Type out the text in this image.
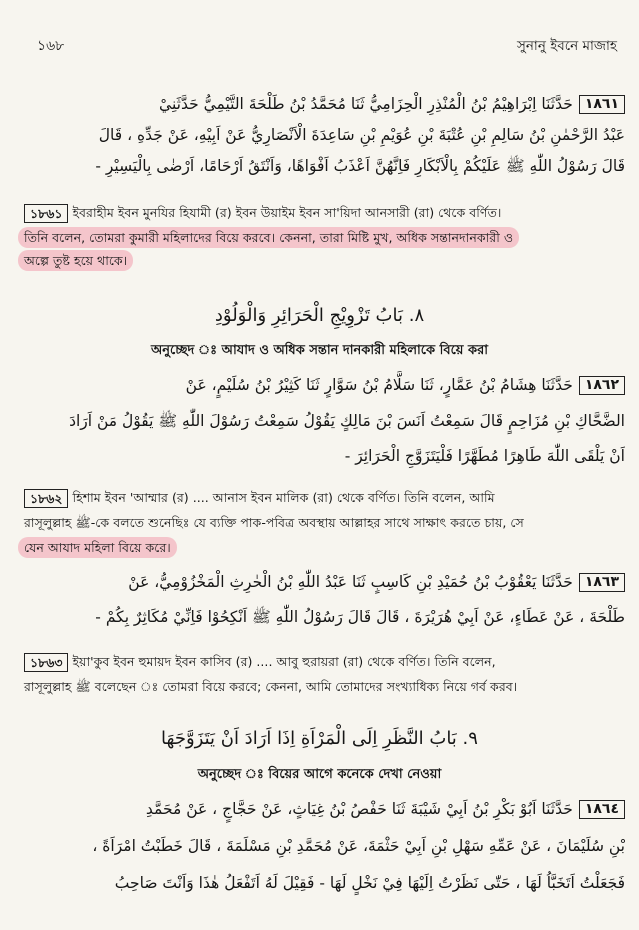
১৬৮	সুনানু ইবনে মাজাহ
١٨٦١حَدَّثَنَا اِبْرَاهِيْمُ بْنُ الْمُنْذِرِ الْحِزَامِيُّ ثَنَا مُحَمَّدُ بْنُ طَلْحَةَ التَّيْمِيُّ حَدَّثَنِيْ
عَبْدُ الرَّحْمٰنِ بْنُ سَالِمِ بْنِ عُتْبَةَ بْنِ عُوَيْمِ بْنِ سَاعِدَةَ الْاَنْصَارِيُّ عَنْ اَبِيْهِ، عَنْ جَدِّهِ ، قَالَ
قَالَ رَسُوْلُ اللّٰهِ ﷺ عَلَيْكُمْ بِالْاَبْكَارِ فَاِنَّهُنَّ اَعْذَبُ اَفْوَاهًا، وَاَنْتَقُ اَرْحَامًا، اَرْضٰى بِالْيَسِيْرِ -
১৮৬১ ইবরাহীম ইবন মুনযির হিযামী (র) ইবন উয়াইম ইবন সা'য়িদা আনসারী (রা) থেকে বর্ণিত।
তিনি বলেন, তোমরা কুমারী মহিলাদের বিয়ে করবে। কেননা, তারা মিষ্টি মুখ, অধিক সন্তানদানকারী ও
অল্পে তুষ্ট হয়ে থাকে।
٨. بَابُ تَزْوِيْجِ الْحَرَائِرِ وَالْوَلُوْدِ
অনুচ্ছেদ ঃ আযাদ ও অধিক সন্তান দানকারী মহিলাকে বিয়ে করা
١٨٦٢حَدَّثَنَا هِشَامُ بْنُ عَمَّارٍ، ثَنَا سَلَّامُ بْنُ سَوَّارٍ ثَنَا كَثِيْرُ بْنُ سُلَيْمٍ، عَنْ
الضَّحَّاكِ بْنِ مُزَاحِمٍ قَالَ سَمِعْتُ اَنَسَ بْنَ مَالِكٍ يَقُوْلُ سَمِعْتُ رَسُوْلَ اللّٰهِ ﷺ يَقُوْلُ مَنْ اَرَادَ
اَنْ يَلْقَى اللّٰهَ طَاهِرًا مُطَهَّرًا فَلْيَتَزَوَّجِ الْحَرَائِرَ -
১৮৬২ হিশাম ইবন 'আম্মার (র) .... আনাস ইবন মালিক (রা) থেকে বর্ণিত। তিনি বলেন, আমি
রাসূলুল্লাহ ﷺ-কে বলতে শুনেছিঃ যে ব্যক্তি পাক-পবিত্র অবস্থায় আল্লাহর সাথে সাক্ষাৎ করতে চায়, সে
যেন আযাদ মহিলা বিয়ে করে।
١٨٦٣حَدَّثَنَا يَعْقُوْبُ بْنُ حُمَيْدِ بْنِ كَاسِبٍ ثَنَا عَبْدُ اللّٰهِ بْنُ الْحٰرِثِ الْمَخْزُوْمِيُّ، عَنْ
طَلْحَةَ ، عَنْ عَطَاءٍ، عَنْ اَبِيْ هُرَيْرَةَ ، قَالَ قَالَ رَسُوْلُ اللّٰهِ ﷺ اَنْكِحُوْا فَاِنِّيْ مُكَاثِرٌ بِكُمْ -
১৮৬৩ ইয়া'কুব ইবন হুমায়দ ইবন কাসিব (র) .... আবু হুরায়রা (রা) থেকে বর্ণিত। তিনি বলেন,
রাসূলুল্লাহ ﷺ বলেছেন ঃ তোমরা বিয়ে করবে; কেননা, আমি তোমাদের সংখ্যাধিক্য নিয়ে গর্ব করব।
٩. بَابُ النَّظَرِ اِلَى الْمَرْاَةِ اِذَا اَرَادَ اَنْ يَتَزَوَّجَهَا
অনুচ্ছেদ ঃ বিয়ের আগে কনেকে দেখা নেওয়া
١٨٦٤حَدَّثَنَا اَبُوْ بَكْرِ بْنُ اَبِيْ شَيْبَةَ ثَنَا حَفْصُ بْنُ غِيَاثٍ، عَنْ حَجَّاجٍ ، عَنْ مُحَمَّدِ
بْنِ سُلَيْمَانَ ، عَنْ عَمِّهِ سَهْلِ بْنِ اَبِيْ حَثْمَةَ، عَنْ مُحَمَّدِ بْنِ مَسْلَمَةَ ، قَالَ خَطَبْتُ امْرَاَةً ،
فَجَعَلْتُ اَتَخَبَّاُ لَهَا ، حَتّٰى نَظَرْتُ اِلَيْهَا فِيْ نَخْلٍ لَهَا - فَقِيْلَ لَهُ اَتَفْعَلُ هٰذَا وَاَنْتَ صَاحِبُ
